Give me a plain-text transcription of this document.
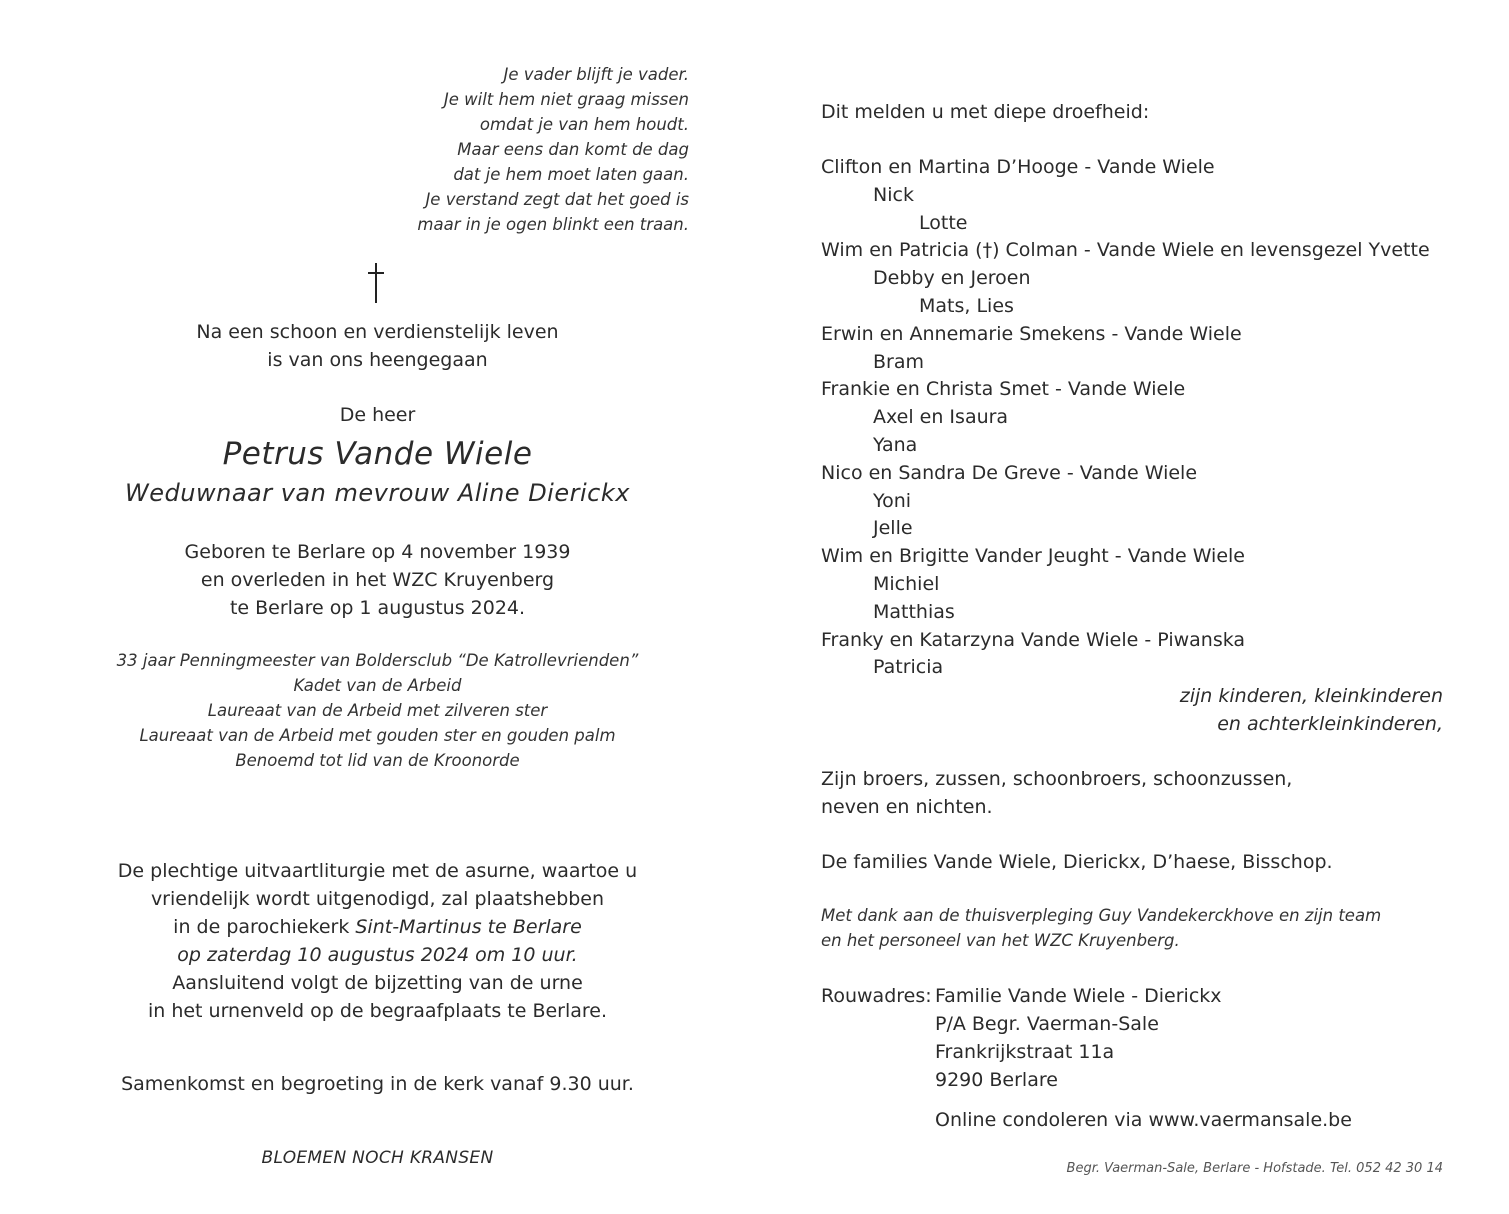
Je vader blijft je vader.
Je wilt hem niet graag missen
omdat je van hem houdt.
Maar eens dan komt de dag
dat je hem moet laten gaan.
Je verstand zegt dat het goed is
maar in je ogen blinkt een traan.
Na een schoon en verdienstelijk leven
is van ons heengegaan
De heer
Petrus Vande Wiele
Weduwnaar van mevrouw Aline Dierickx
Geboren te Berlare op 4 november 1939
en overleden in het WZC Kruyenberg
te Berlare op 1 augustus 2024.
33 jaar Penningmeester van Boldersclub “De Katrollevrienden”
Kadet van de Arbeid
Laureaat van de Arbeid met zilveren ster
Laureaat van de Arbeid met gouden ster en gouden palm
Benoemd tot lid van de Kroonorde
De plechtige uitvaartliturgie met de asurne, waartoe u
vriendelijk wordt uitgenodigd, zal plaatshebben
in de parochiekerk Sint-Martinus te Berlare
op zaterdag 10 augustus 2024 om 10 uur.
Aansluitend volgt de bijzetting van de urne
in het urnenveld op de begraafplaats te Berlare.
Samenkomst en begroeting in de kerk vanaf 9.30 uur.
BLOEMEN NOCH KRANSEN
Dit melden u met diepe droefheid:
Clifton en Martina D’Hooge - Vande Wiele
Nick
Lotte
Wim en Patricia (†) Colman - Vande Wiele en levensgezel Yvette
Debby en Jeroen
Mats, Lies
Erwin en Annemarie Smekens - Vande Wiele
Bram
Frankie en Christa Smet - Vande Wiele
Axel en Isaura
Yana
Nico en Sandra De Greve - Vande Wiele
Yoni
Jelle
Wim en Brigitte Vander Jeught - Vande Wiele
Michiel
Matthias
Franky en Katarzyna Vande Wiele - Piwanska
Patricia
zijn kinderen, kleinkinderen
en achterkleinkinderen,
Zijn broers, zussen, schoonbroers, schoonzussen,
neven en nichten.
De families Vande Wiele, Dierickx, D’haese, Bisschop.
Met dank aan de thuisverpleging Guy Vandekerckhove en zijn team
en het personeel van het WZC Kruyenberg.
Rouwadres: Familie Vande Wiele - Dierickx
P/A Begr. Vaerman-Sale
Frankrijkstraat 11a
9290 Berlare
Online condoleren via www.vaermansale.be
Begr. Vaerman-Sale, Berlare - Hofstade. Tel. 052 42 30 14
